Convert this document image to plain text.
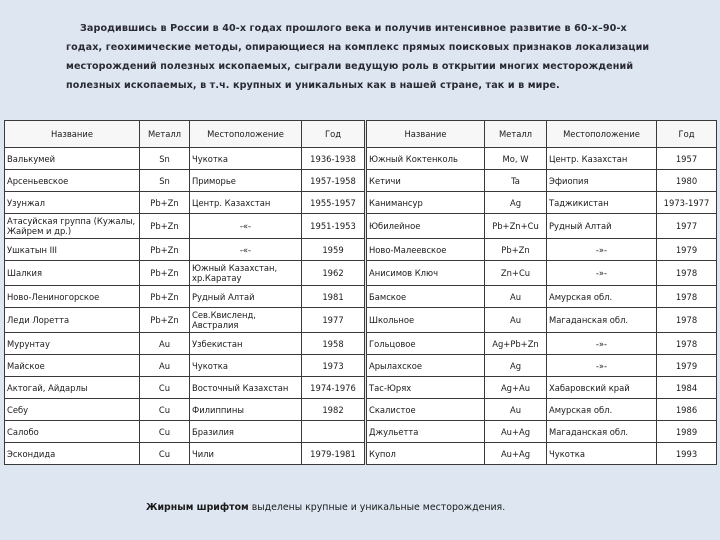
Зародившись в России в 40-х годах прошлого века и получив интенсивное развитие в 60-х–90-х
годах, геохимические методы, опирающиеся на комплекс прямых поисковых признаков локализации
месторождений полезных ископаемых, сыграли ведущую роль в открытии многих месторождений
полезных ископаемых, в т.ч. крупных и уникальных как в нашей стране, так и в мире.
Название	Металл	Местоположение	Год
Валькумей	Sn	Чукотка	1936-1938
Арсеньевское	Sn	Приморье	1957-1958
Узунжал	Pb+Zn	Центр. Казахстан	1955-1957
Атасуйская группа (Кужалы, Жайрем и др.)	Pb+Zn	-«-	1951-1953
Ушкатын III	Pb+Zn	-«-	1959
Шалкия	Pb+Zn	Южный Казахстан, хр.Каратау	1962
Ново-Лениногорское	Pb+Zn	Рудный Алтай	1981
Леди Лоретта	Pb+Zn	Сев.Квисленд, Австралия	1977
Мурунтау	Au	Узбекистан	1958
Майское	Au	Чукотка	1973
Актогай, Айдарлы	Cu	Восточный Казахстан	1974-1976
Себу	Cu	Филиппины	1982
Салобо	Cu	Бразилия	
Эскондида	Cu	Чили	1979-1981
Название	Металл	Местоположение	Год
Южный Коктенколь	Mo, W	Центр. Казахстан	1957
Кетичи	Ta	Эфиопия	1980
Канимансур	Ag	Таджикистан	1973-1977
Юбилейное	Pb+Zn+Cu	Рудный Алтай	1977
Ново-Малеевское	Pb+Zn	-»-	1979
Анисимов Ключ	Zn+Cu	-»-	1978
Бамское	Au	Амурская обл.	1978
Школьное	Au	Магаданская обл.	1978
Гольцовое	Ag+Pb+Zn	-»-	1978
Арылахское	Ag	-»-	1979
Тас-Юрях	Ag+Au	Хабаровский край	1984
Скалистое	Au	Амурская обл.	1986
Джульетта	Au+Ag	Магаданская обл.	1989
Купол	Au+Ag	Чукотка	1993
Жирным шрифтом выделены крупные и уникальные месторождения.
